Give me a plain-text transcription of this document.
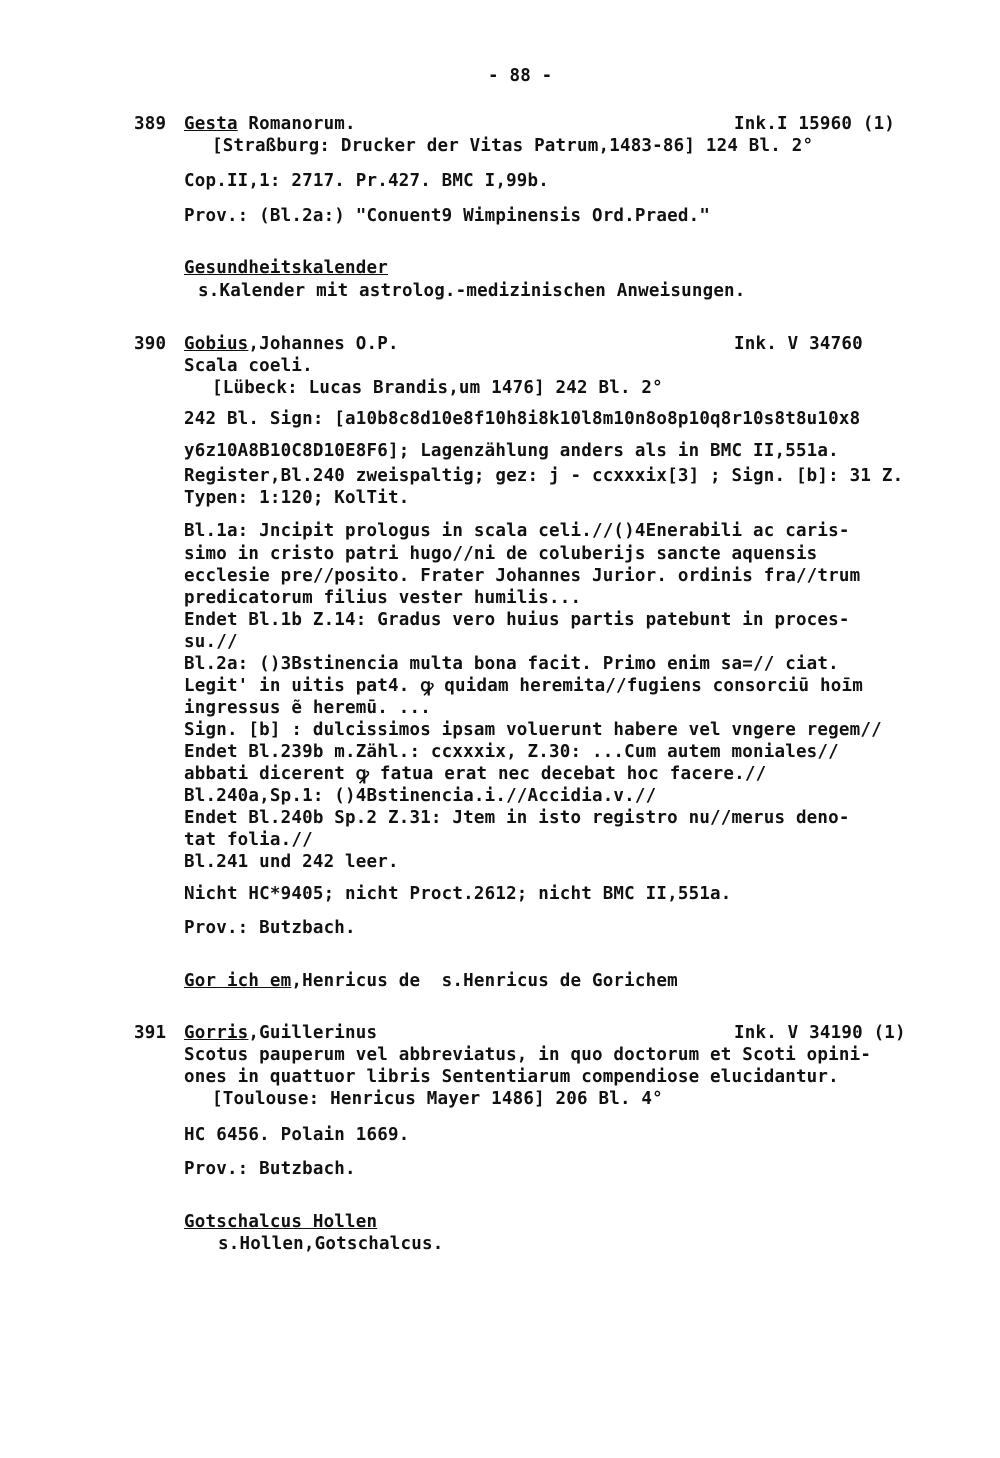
- 88 -
389 Gesta Romanorum.	Ink.I 15960 (1)
[Straßburg: Drucker der Vitas Patrum,1483-86] 124 Bl. 2°
Cop.II,1: 2717. Pr.427. BMC I,99b.
Prov.: (Bl.2a:) "Conuent9 Wimpinensis Ord.Praed."
Gesundheitskalender
s.Kalender mit astrolog.-medizinischen Anweisungen.
390 Gobius,Johannes O.P.	Ink. V 34760
Scala coeli.
[Lübeck: Lucas Brandis,um 1476] 242 Bl. 2°
242 Bl. Sign: [a10b8c8d10e8f10h8i8k10l8m10n8o8p10q8r10s8t8u10x8
y6z10A8B10C8D10E8F6]; Lagenzählung anders als in BMC II,551a.
Register,Bl.240 zweispaltig; gez: j - ccxxxix[3] ; Sign. [b]: 31 Z.
Typen: 1:120; KolTit.
Bl.1a: Jncipit prologus in scala celi.//()4Enerabili ac caris-
simo in cristo patri hugo//ni de coluberijs sancte aquensis
ecclesie pre//posito. Frater Johannes Jurior. ordinis fra//trum
predicatorum filius vester humilis...
Endet Bl.1b Z.14: Gradus vero huius partis patebunt in proces-
su.//
Bl.2a: ()3Bstinencia multa bona facit. Primo enim sa=// ciat.
Legit' in uitis pat4. ꝙ quidam heremita//fugiens consorciū hoīm
ingressus ẽ heremū. ...
Sign. [b] : dulcissimos ipsam voluerunt habere vel vngere regem//
Endet Bl.239b m.Zähl.: ccxxxix, Z.30: ...Cum autem moniales//
abbati dicerent ꝙ fatua erat nec decebat hoc facere.//
Bl.240a,Sp.1: ()4Bstinencia.i.//Accidia.v.//
Endet Bl.240b Sp.2 Z.31: Jtem in isto registro nu//merus deno-
tat folia.//
Bl.241 und 242 leer.
Nicht HC*9405; nicht Proct.2612; nicht BMC II,551a.
Prov.: Butzbach.
Gor ich em,Henricus de  s.Henricus de Gorichem
391 Gorris,Guillerinus	Ink. V 34190 (1)
Scotus pauperum vel abbreviatus, in quo doctorum et Scoti opini-
ones in quattuor libris Sententiarum compendiose elucidantur.
[Toulouse: Henricus Mayer 1486] 206 Bl. 4°
HC 6456. Polain 1669.
Prov.: Butzbach.
Gotschalcus Hollen
s.Hollen,Gotschalcus.
